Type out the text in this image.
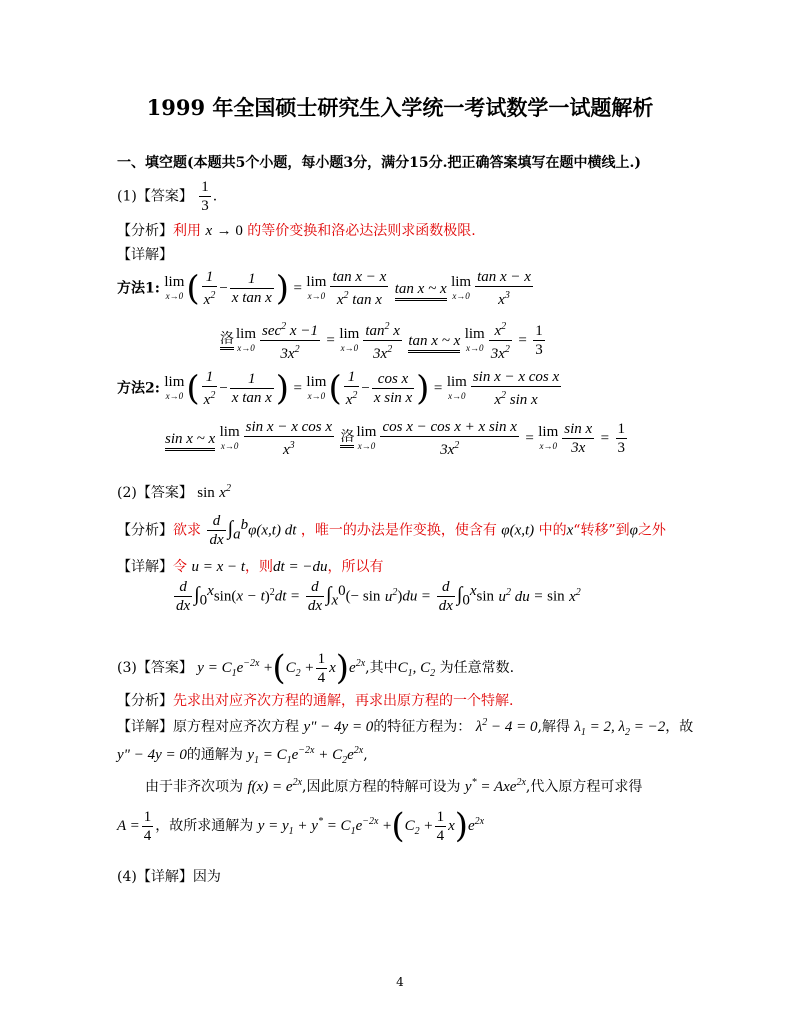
1999 年全国硕士研究生入学统一考试数学一试题解析
一、填空题(本题共5个小题，每小题3分，满分15分.把正确答案填写在题中横线上.)
(1)【答案】 $\frac{1}{3}$ .
【分析】利用 x → 0 的等价变换和洛必达法则求函数极限.
【详解】
方法1: lim
x→0 ( $\frac{1}{x^2} - \frac{1}{\text{x tan x}}$ ) = lim
$x\to 0 \frac{\text{tan x − x}}{x^2 \tan x}$ tan x ~ x lim
$x\to 0 \frac{\text{tan x − x}}{x^3}$
洛 lim
$x\to 0 \frac{\sec^2 x -1}{3x^2} = \lim$
$x\to 0 \frac{\tan^2 x}{3x^2}$ tan x ~ x lim
$x\to 0 \frac{x^2}{3x^2} = \frac{1}{3}$
方法2: lim
x→0 ( $\frac{1}{x^2} - \frac{1}{\text{x tan x}}$ ) = lim
x→0 ( $\frac{1}{x^2} - \frac{\text{cos x}}{\text{x sin x}}$ ) = lim
$x\to 0 \frac{\text{sin x − x cos x}}{x^2 \sin x}$
sin x ~ x lim
$x\to 0 \frac{\text{sin x − x cos x}}{x^3}$
洛 lim
$x\to 0 \frac{\text{cos x − cos x + x sin x}}{3x^2} = \lim$
$x\to 0 \frac{\text{sin x}}{3x} = \frac{1}{3}$
(2)【答案】 $\sin x^2$
【分析】欲求 $\frac{d}{dx} \int_a^b\varphi(x,t)$ dt ，唯一的办法是作变换，使含有 φ(x,t) 中的x“转移”到φ之外
【详解】令 u = x − t，则dt = −du，所以有
$\frac{d}{dx} \int_0^x\sin(x - t)^2dt = \frac{d}{dx} \int_x^0(- \sin u^2)du = \frac{d}{dx} \int_0^x\sin$ $u^2$ du = $\sin x^2$
(3)【答案】 $y = C_1e^{-2x} +(C_2 + \frac{1}{4} x)e^{2x}$,其中$C_1$, $C_2$ 为任意常数.
【分析】先求出对应齐次方程的通解，再求出原方程的一个特解.
【详解】原方程对应齐次方程 y" − 4y = 0的特征方程为： $\lambda^2 - 4 = 0$,解得 $\lambda_1 = 2$, $\lambda_2 = -2$，故
y" − 4y = 0的通解为 $y_1 = C_1e^{-2x} + C_2e^{2x}$,
由于非齐次项为 $f(x) = e^{2x}$,因此原方程的特解可设为 y* = Axe$^{2x}$,代入原方程可求得
$A = \frac{1}{4}$ ，故所求通解为 $y = y_1 + y^* = C_1e^{-2x} +(C_2 + \frac{1}{4} x)e^{2x}$
(4)【详解】因为
4
